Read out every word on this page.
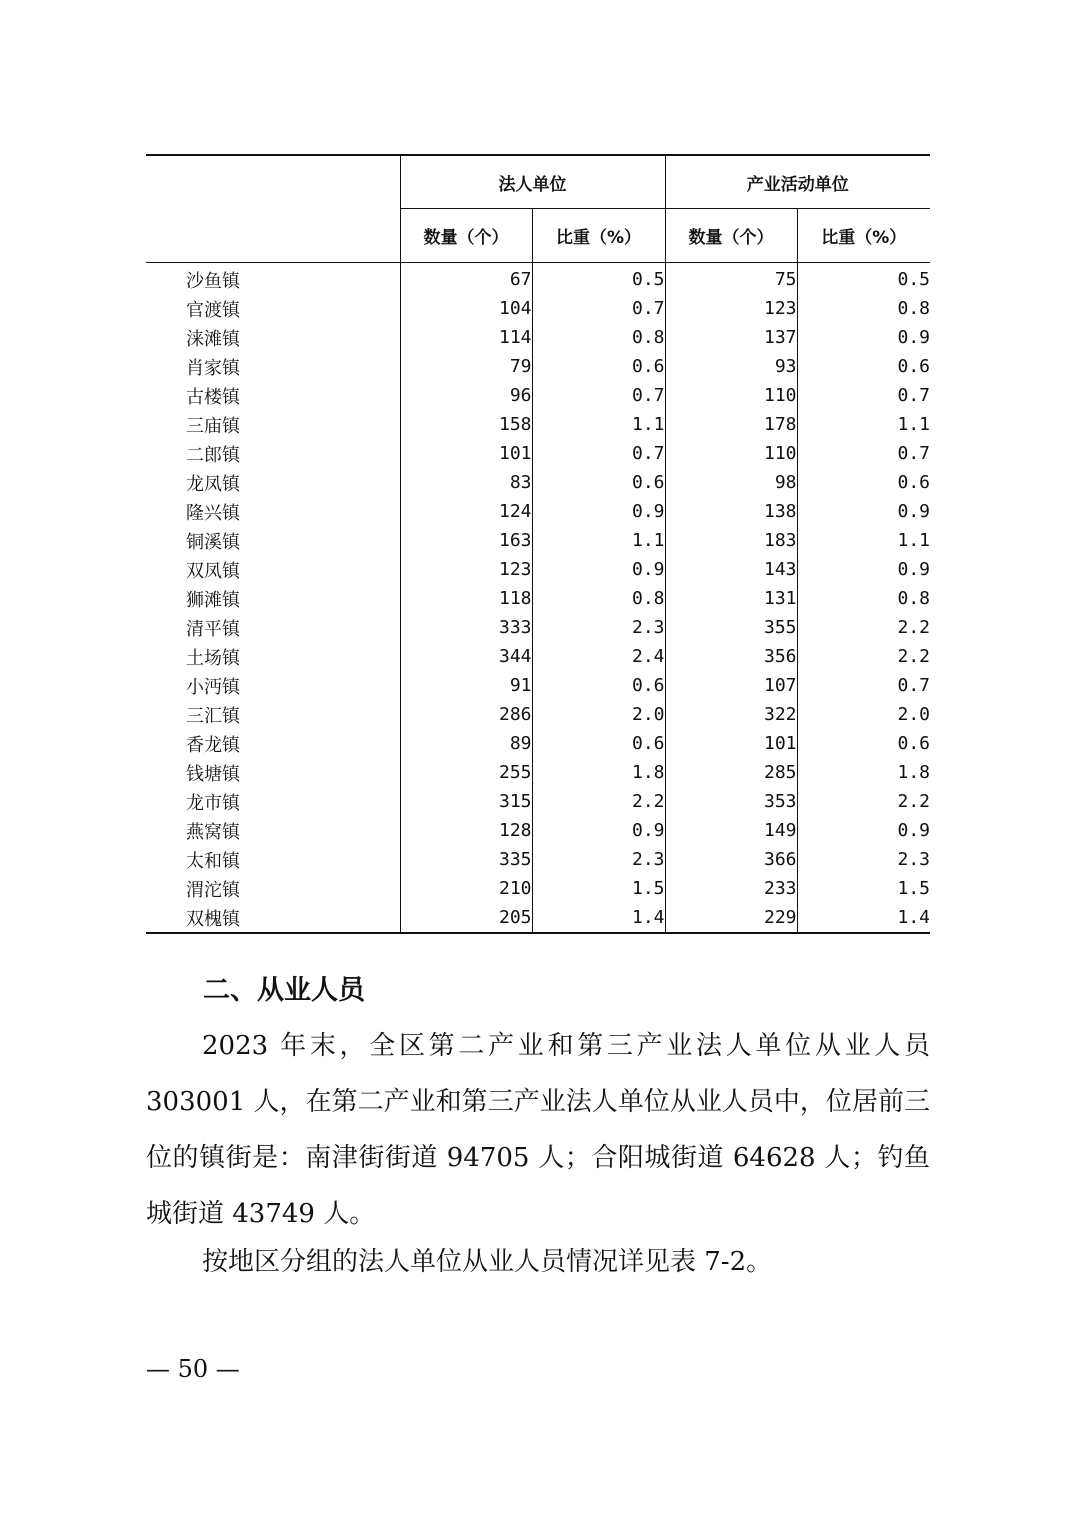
	法人单位		产业活动单位	
	数量（个）	比重（%）	数量（个）	比重（%）
沙鱼镇	67	0.5	75	0.5
官渡镇	104	0.7	123	0.8
涞滩镇	114	0.8	137	0.9
肖家镇	79	0.6	93	0.6
古楼镇	96	0.7	110	0.7
三庙镇	158	1.1	178	1.1
二郎镇	101	0.7	110	0.7
龙凤镇	83	0.6	98	0.6
隆兴镇	124	0.9	138	0.9
铜溪镇	163	1.1	183	1.1
双凤镇	123	0.9	143	0.9
狮滩镇	118	0.8	131	0.8
清平镇	333	2.3	355	2.2
土场镇	344	2.4	356	2.2
小沔镇	91	0.6	107	0.7
三汇镇	286	2.0	322	2.0
香龙镇	89	0.6	101	0.6
钱塘镇	255	1.8	285	1.8
龙市镇	315	2.2	353	2.2
燕窝镇	128	0.9	149	0.9
太和镇	335	2.3	366	2.3
渭沱镇	210	1.5	233	1.5
双槐镇	205	1.4	229	1.4
二、从业人员

2023 年末，全区第二产业和第三产业法人单位从业人员 303001 人，在第二产业和第三产业法人单位从业人员中，位居前三位的镇街是：南津街街道 94705 人；合阳城街道 64628 人；钓鱼城街道 43749 人。

按地区分组的法人单位从业人员情况详见表 7-2。

— 50 —
